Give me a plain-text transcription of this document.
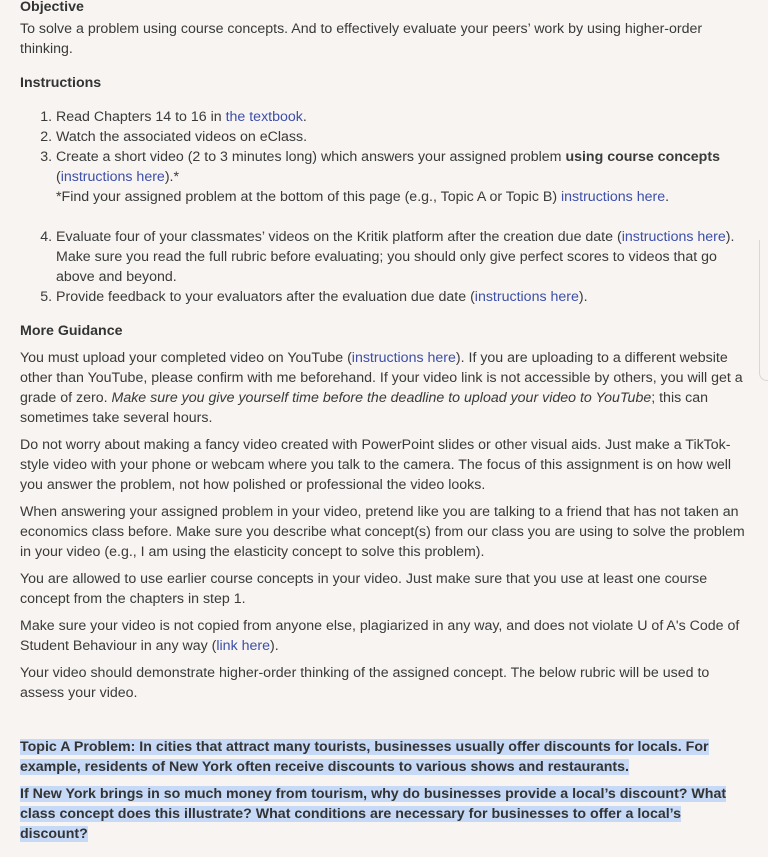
Objective

To solve a problem using course concepts. And to effectively evaluate your peers’ work by using higher-order thinking.

Instructions
1. Read Chapters 14 to 16 in the textbook.
2. Watch the associated videos on eClass.
3. Create a short video (2 to 3 minutes long) which answers your assigned problem using course concepts (instructions here).*
*Find your assigned problem at the bottom of this page (e.g., Topic A or Topic B) instructions here.
4. Evaluate four of your classmates’ videos on the Kritik platform after the creation due date (instructions here). Make sure you read the full rubric before evaluating; you should only give perfect scores to videos that go above and beyond.
5. Provide feedback to your evaluators after the evaluation due date (instructions here).
More Guidance

You must upload your completed video on YouTube (instructions here). If you are uploading to a different website other than YouTube, please confirm with me beforehand. If your video link is not accessible by others, you will get a grade of zero. Make sure you give yourself time before the deadline to upload your video to YouTube; this can sometimes take several hours.

Do not worry about making a fancy video created with PowerPoint slides or other visual aids. Just make a TikTok-style video with your phone or webcam where you talk to the camera. The focus of this assignment is on how well you answer the problem, not how polished or professional the video looks.

When answering your assigned problem in your video, pretend like you are talking to a friend that has not taken an economics class before. Make sure you describe what concept(s) from our class you are using to solve the problem in your video (e.g., I am using the elasticity concept to solve this problem).

You are allowed to use earlier course concepts in your video. Just make sure that you use at least one course concept from the chapters in step 1.

Make sure your video is not copied from anyone else, plagiarized in any way, and does not violate U of A's Code of Student Behaviour in any way (link here).

Your video should demonstrate higher-order thinking of the assigned concept. The below rubric will be used to assess your video.

Topic A Problem: In cities that attract many tourists, businesses usually offer discounts for locals. For example, residents of New York often receive discounts to various shows and restaurants.

If New York brings in so much money from tourism, why do businesses provide a local’s discount? What class concept does this illustrate? What conditions are necessary for businesses to offer a local’s discount?
